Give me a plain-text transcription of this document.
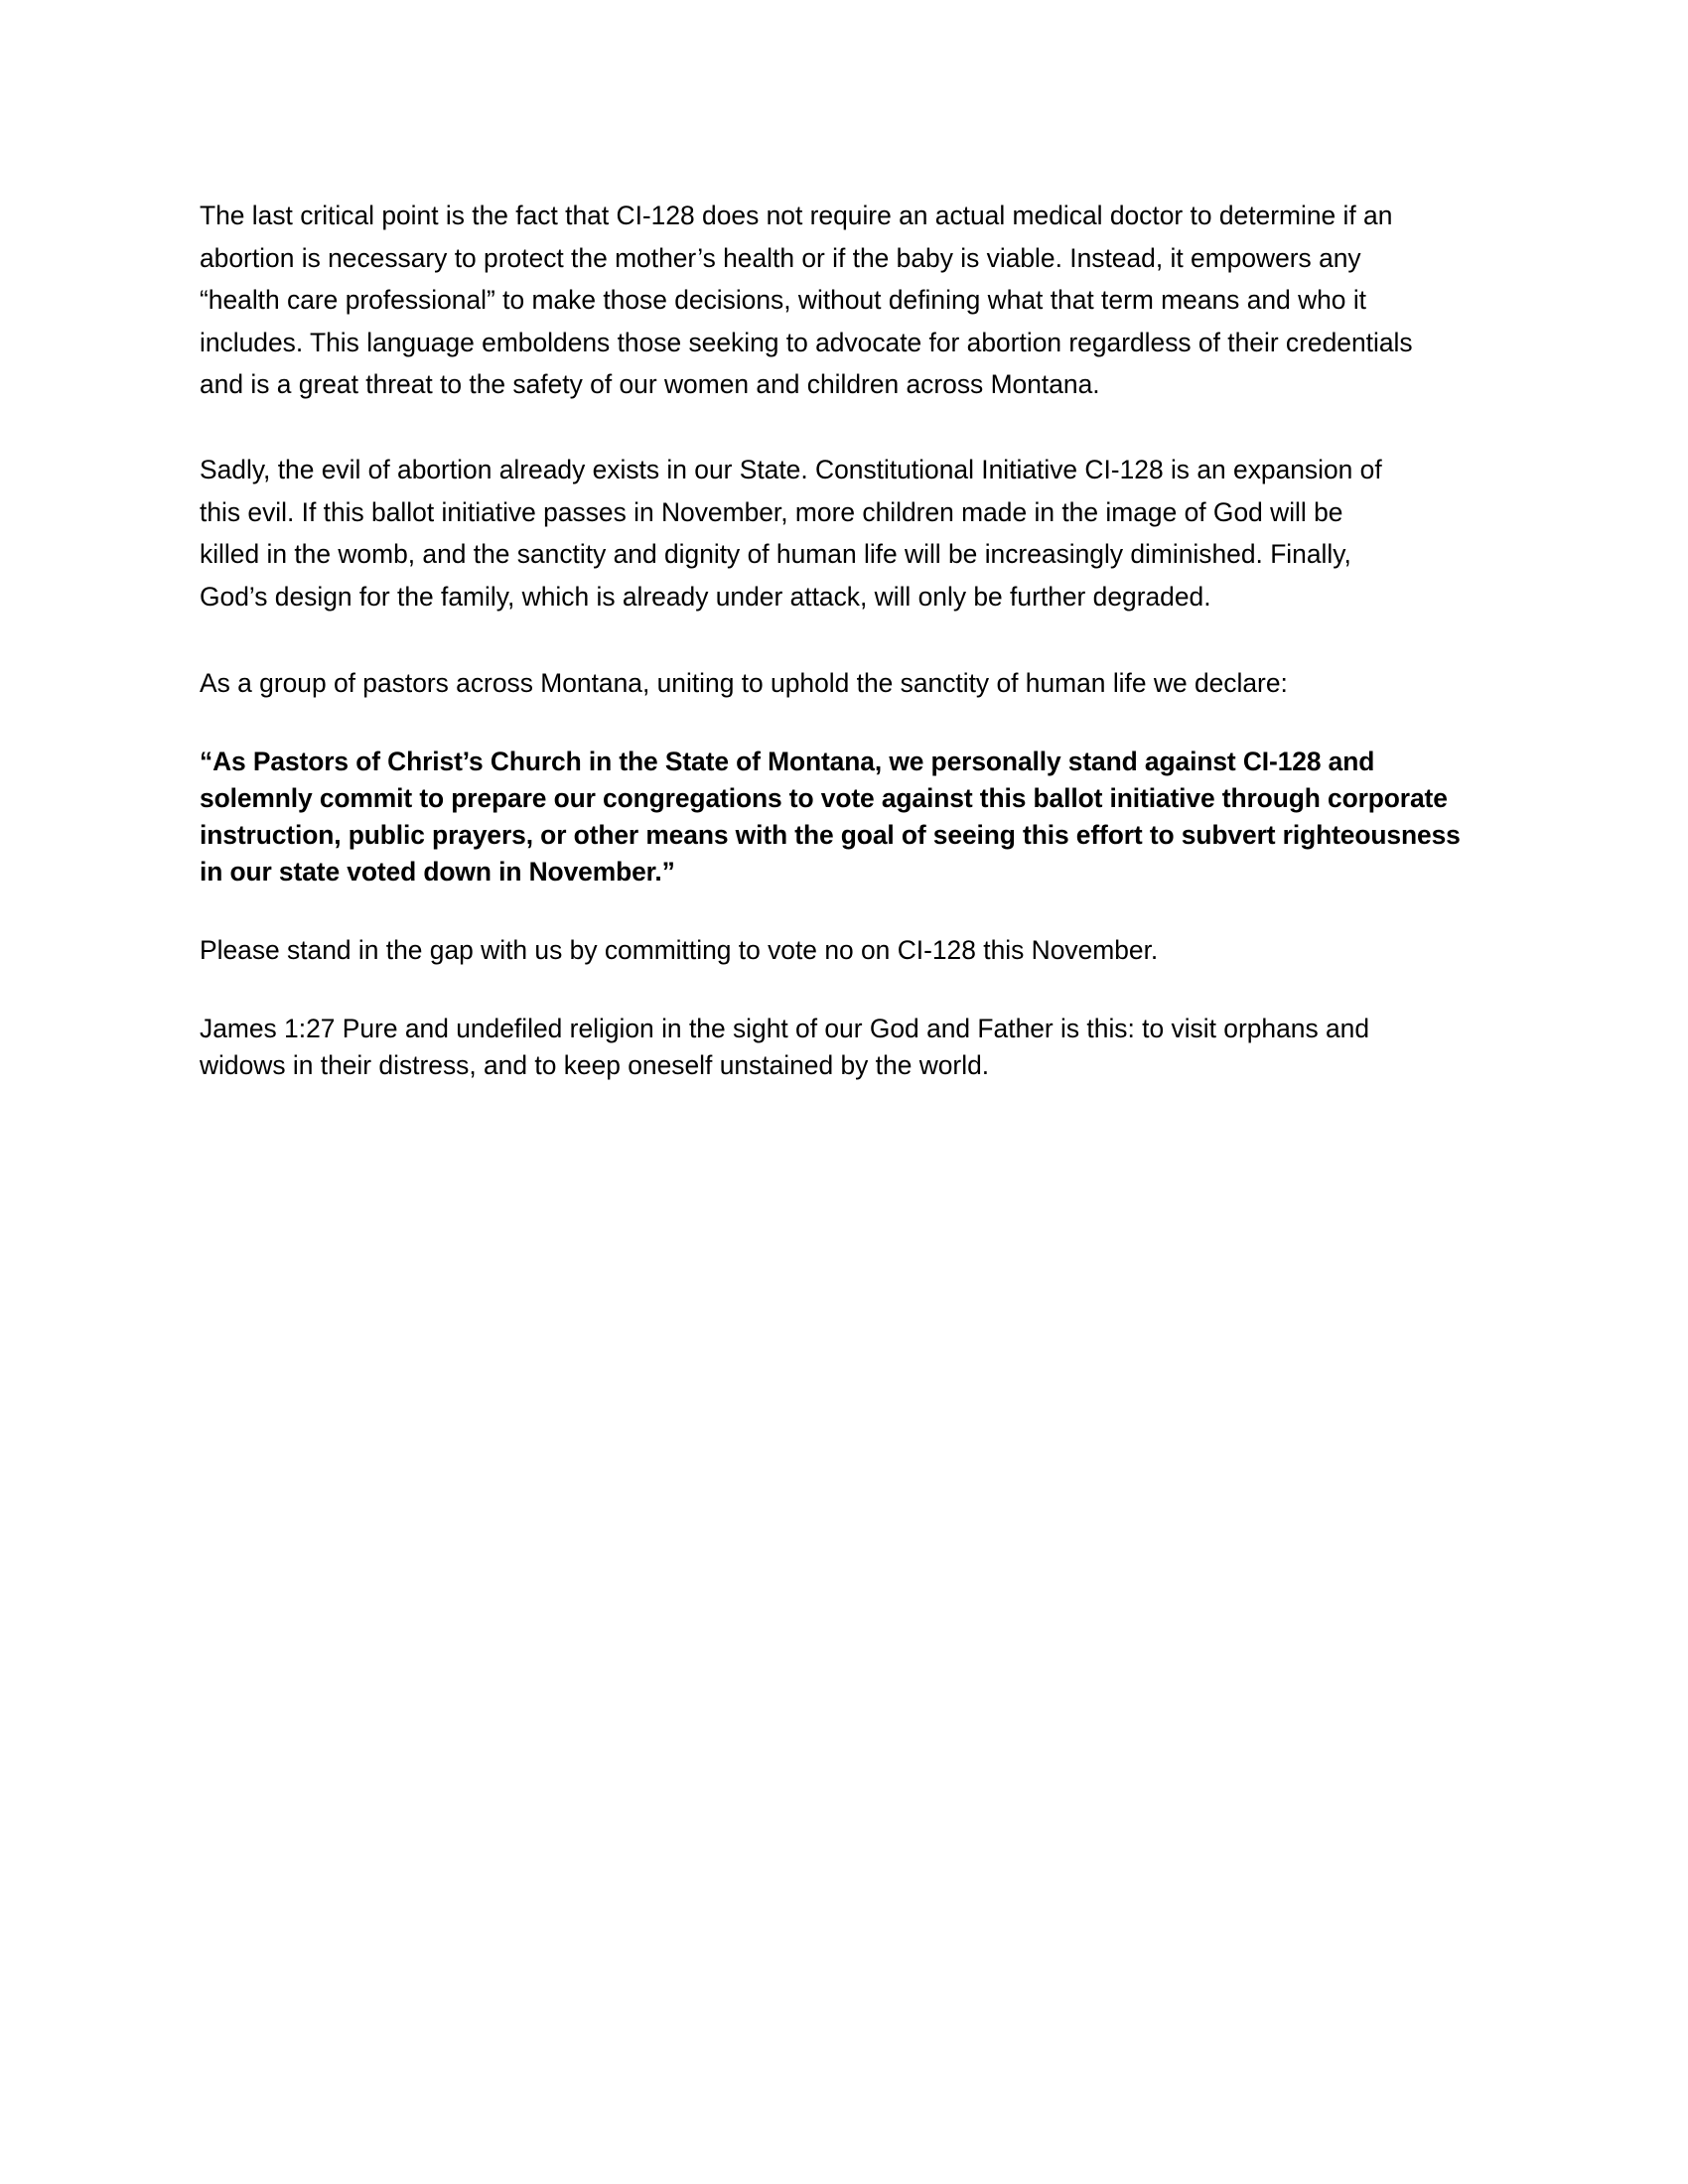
The last critical point is the fact that CI-128 does not require an actual medical doctor to determine if an
abortion is necessary to protect the mother’s health or if the baby is viable. Instead, it empowers any
“health care professional” to make those decisions, without defining what that term means and who it
includes. This language emboldens those seeking to advocate for abortion regardless of their credentials
and is a great threat to the safety of our women and children across Montana.

Sadly, the evil of abortion already exists in our State. Constitutional Initiative CI-128 is an expansion of
this evil. If this ballot initiative passes in November, more children made in the image of God will be
killed in the womb, and the sanctity and dignity of human life will be increasingly diminished. Finally,
God’s design for the family, which is already under attack, will only be further degraded.

As a group of pastors across Montana, uniting to uphold the sanctity of human life we declare:

“As Pastors of Christ’s Church in the State of Montana, we personally stand against CI-128 and
solemnly commit to prepare our congregations to vote against this ballot initiative through corporate
instruction, public prayers, or other means with the goal of seeing this effort to subvert righteousness
in our state voted down in November.”

Please stand in the gap with us by committing to vote no on CI-128 this November.

James 1:27 Pure and undefiled religion in the sight of our God and Father is this: to visit orphans and
widows in their distress, and to keep oneself unstained by the world.
